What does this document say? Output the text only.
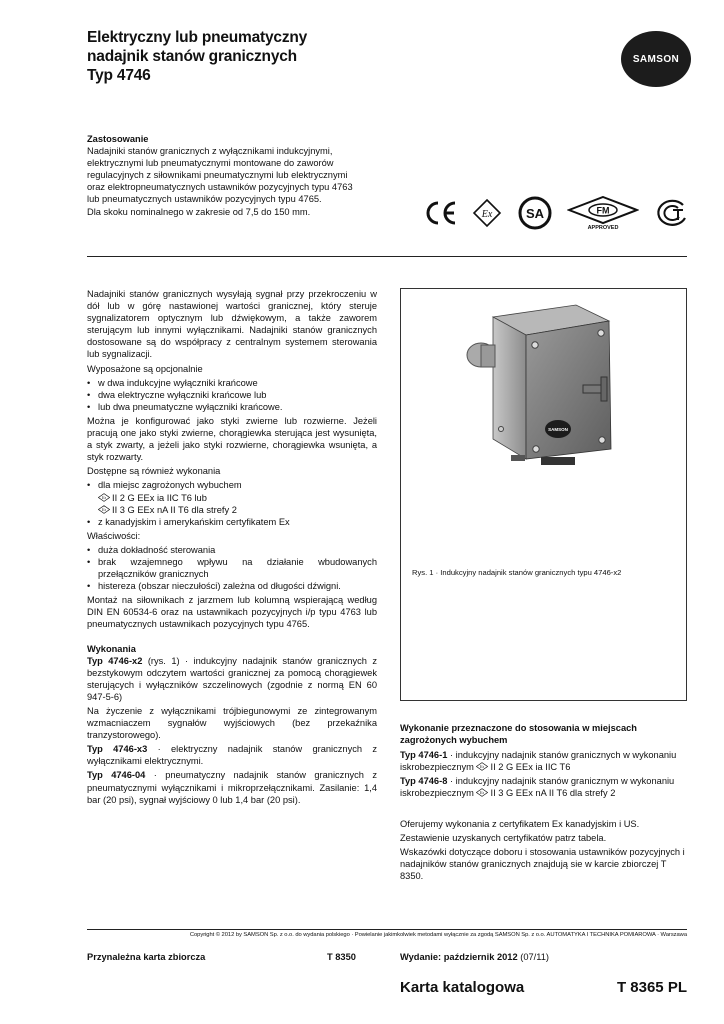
Elektryczny lub pneumatyczny
nadajnik stanów granicznych
Typ 4746
SAMSON
Zastosowanie
Nadajniki stanów granicznych z wyłącznikami indukcyjnymi,
elektrycznymi lub pneumatycznymi montowane do zaworów
regulacyjnych z siłownikami pneumatycznymi lub elektrycznymi
oraz elektropneumatycznych ustawników pozycyjnych typu 4763
lub pneumatycznych ustawników pozycyjnych typu 4765.
Dla skoku nominalnego w zakresie od 7,5 do 150 mm.	Ex	SA	FM
APPROVED

Nadajniki stanów granicznych wysyłają sygnał przy przekroczeniu w dół lub w górę nastawionej wartości granicznej, który steruje sygnalizatorem optycznym lub dźwiękowym, a także zaworem sterującym lub innymi wyłącznikami. Nadajniki stanów granicznych dostosowane są do współpracy z centralnym systemem sterowania lub sygnalizacji.

Wyposażone są opcjonalnie

• w dwa indukcyjne wyłączniki krańcowe
• dwa elektryczne wyłączniki krańcowe lub
• lub dwa pneumatyczne wyłączniki krańcowe.

Można je konfigurować jako styki zwierne lub rozwierne. Jeżeli pracują one jako styki zwierne, chorągiewka sterująca jest wysunięta, a styk zwarty, a jeżeli jako styki rozwierne, chorągiewka wsunięta, a styk rozwarty.

Dostępne są również wykonania

• dla miejsc zagrożonych wybuchem
Ex II 2 G EEx ia IIC T6 lub
Ex II 3 G EEx nA II T6 dla strefy 2
• z kanadyjskim i amerykańskim certyfikatem Ex

Właściwości:

• duża dokładność sterowania
• brak wzajemnego wpływu na działanie wbudowanych przełączników granicznych
• histereza (obszar nieczułości) zależna od długości dźwigni.

Montaż na siłownikach z jarzmem lub kolumną wspierającą według DIN EN 60534-6 oraz na ustawnikach pozycyjnych i/p typu 4763 lub pneumatycznych ustawnikach pozycyjnych typu 4765.

Wykonania

Typ 4746-x2 (rys. 1) · indukcyjny nadajnik stanów granicznych z bezstykowym odczytem wartości granicznej za pomocą chorągiewek sterujących i wyłączników szczelinowych (zgodnie z normą EN 60 947-5-6)

Na życzenie z wyłącznikami trójbiegunowymi ze zintegrowanym wzmacniaczem sygnałów wyjściowych (bez przekaźnika tranzystorowego).

Typ 4746-x3 · elektryczny nadajnik stanów granicznych z wyłącznikami elektrycznymi.

Typ 4746-04 · pneumatyczny nadajnik stanów granicznych z pneumatycznymi wyłącznikami i mikroprzełącznikami. Zasilanie: 1,4 bar (20 psi), sygnał wyjściowy 0 lub 1,4 bar (20 psi).

SAMSON
Rys. 1 · Indukcyjny nadajnik stanów granicznych typu 4746-x2
Wykonanie przeznaczone do stosowania w miejscach zagrożonych wybuchem

Typ 4746-1 · indukcyjny nadajnik stanów granicznych w wykonaniu iskrobezpiecznym Ex II 2 G EEx ia IIC T6

Typ 4746-8 · indukcyjny nadajnik stanów granicznym w wykonaniu iskrobezpiecznym Ex II 3 G EEx nA II T6 dla strefy 2

Oferujemy wykonania z certyfikatem Ex kanadyjskim i US.

Zestawienie uzyskanych certyfikatów patrz tabela.

Wskazówki dotyczące doboru i stosowania ustawników pozycyjnych i nadajników stanów granicznych znajdują sie w karcie zbiorczej T 8350.

Copyright © 2012 by SAMSON Sp. z o.o. do wydania polskiego · Powielanie jakimkolwiek metodami wyłącznie za zgodą SAMSON Sp. z o.o. AUTOMATYKA I TECHNIKA POMIAROWA · Warszawa
Przynależna karta zbiorcza	T 8350	Wydanie: październik 2012 (07/11)
Karta katalogowa	T 8365 PL
